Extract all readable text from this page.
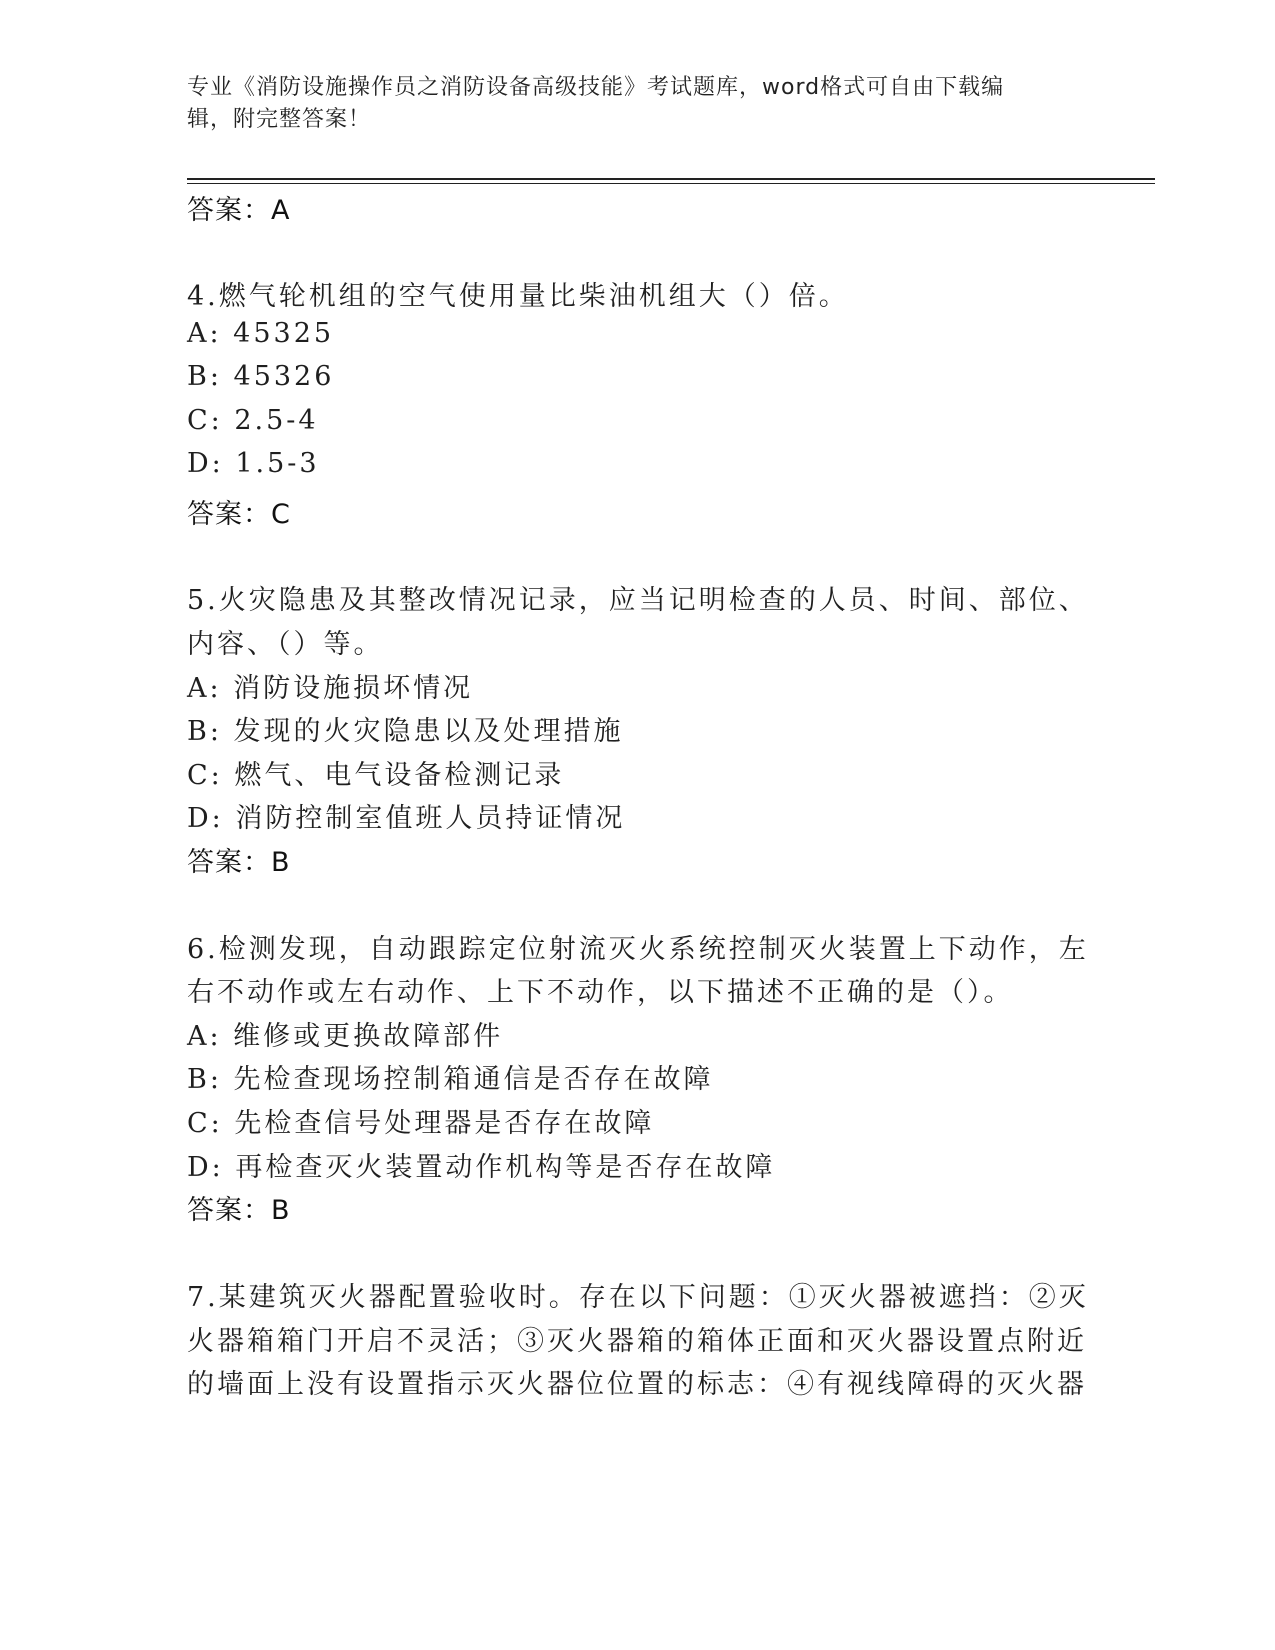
专业《消防设施操作员之消防设备高级技能》考试题库，word格式可自由下载编
辑，附完整答案！
答案：A
4.燃气轮机组的空气使用量比柴油机组大（）倍。
A: 45325
B: 45326
C: 2.5-4
D: 1.5-3
答案：C
5.火灾隐患及其整改情况记录，应当记明检查的人员、时间、部位、
内容、（）等。
A: 消防设施损坏情况
B: 发现的火灾隐患以及处理措施
C: 燃气、电气设备检测记录
D: 消防控制室值班人员持证情况
答案：B
6.检测发现，自动跟踪定位射流灭火系统控制灭火装置上下动作，左
右不动作或左右动作、上下不动作，以下描述不正确的是（）。
A: 维修或更换故障部件
B: 先检查现场控制箱通信是否存在故障
C: 先检查信号处理器是否存在故障
D: 再检查灭火装置动作机构等是否存在故障
答案：B
7.某建筑灭火器配置验收时。存在以下问题：①灭火器被遮挡：②灭
火器箱箱门开启不灵活；③灭火器箱的箱体正面和灭火器设置点附近
的墙面上没有设置指示灭火器位位置的标志：④有视线障碍的灭火器
